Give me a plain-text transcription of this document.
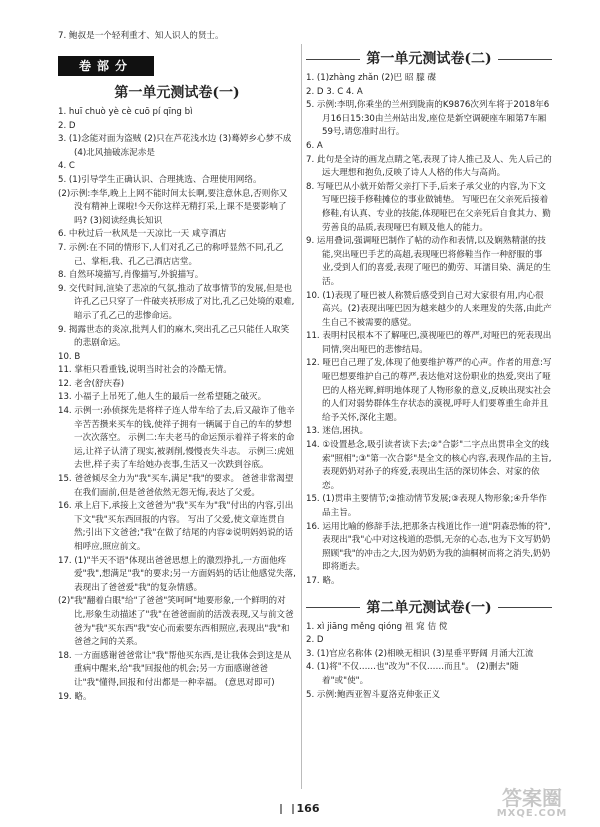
7. 鲍叔是一个轻利重才、知人识人的贤士。
卷部分
第一单元测试卷(一)
1. huī chuò yè cè cuō pí qīng bì
2. D
3. (1)念能对面为盗贼 (2)只在芦花浅水边 (3)蓦婷乡心梦不成 (4)北风抽破冻泥赤是
4. C
5. (1)引导学生正确认识、合理挑选、合理使用网络。
(2)示例:李华,晚上上网不能时间太长啊,要注意休息,否则你又没有精神上课啦!今天你这样无精打采,上课不是要影响了吗? (3)阅读经典长知识
6. 中秋过后一秋风是一天凉比一天 咸亨酒店
7. 示例:在不同的情形下,人们对孔乙己的称呼显然不同,孔乙己、掌柜,我、孔乙己酒店店堂。
8. 自然环境描写,肖像描写,外貌描写。
9. 交代时间,渲染了悲凉的气氛,推动了故事情节的发展,但是也许孔乙己只穿了一件破夹袄形成了对比,孔乙己处境的艰难,暗示了孔乙己的悲惨命运。
9. 揭露世态的炎凉,批判人们的麻木,突出孔乙己只能任人取笑的悲剧命运。
10. B
11. 掌柜只看重钱,说明当时社会的冷酷无情。
12. 老舍(舒庆春)
13. 小福子上吊死了,他人生的最后一丝希望随之破灭。
14. 示例一:孙侦探先是将样子连人带车给了去,后又敲诈了他辛辛苦苦攒来买车的钱,使祥子拥有一辆属于自己的车的梦想一次次落空。 示例二:车夫老马的命运预示着祥子将来的命运,让祥子认清了现实,被剥削,慢慢丧失斗志。 示例三:虎妞去世,样子卖了车给她办丧事,生活又一次跌到谷底。
15. 爸爸倾尽全力为"我"买车,满足"我"的要求。 爸爸非常渴望在我们面前,但是爸爸依然无怨无悔,表达了父爱。
16. 承上启下,承接上文爸爸为"我"买车为"我"付出的内容,引出下文"我"买东西回报的内容。 写出了父爱,使文章连贯自然;引出下文爸爸;"我"在做了结尾的内容②说明妈妈说的话相呼应,照应前文。
17. (1)"半天不语"体现出爸爸思想上的激烈挣扎,一方面他疼爱"我",想满足"我"的要求;另一方面妈妈的话让他感觉失落,表现出了爸爸爱"我"的复杂情感。
(2)"我"翻着白眼"给"了爸爸"笑呵呵"地要形象,一个鲜明的对比,形象生动描述了"我"在爸爸面前的活泼表现,又与前文爸爸为"我"买东西"我"安心而索要东西相照应,表现出"我"和爸爸之间的关系。
18. 一方面感谢爸爸常让"我"帮他买东西,是让我体会到这是从重病中醒来,给"我"回报他的机会;另一方面感谢爸爸让"我"懂得,回报和付出都是一种幸福。 (意思对即可)
19. 略。
第一单元测试卷(二)
1. (1)zhàng zhǎn (2)巴 昭 朦 碟
2. D 3. C 4. A
5. 示例:李明,你乘坐的兰州到陇南的K9876次列车将于2018年6月16日15:30由兰州站出发,座位是新空调硬座车厢第7车厢59号,请您准时出行。
6. A
7. 此句是全诗的画龙点睛之笔,表现了诗人推己及人、先人后己的远大理想和抱负,反映了诗人人格的伟大与高尚。
8. 写哑巴从小就开始帮父亲打下手,后来子承父业的内容,为下文写哑巴接手修鞋摊位的事业做铺垫。 写哑巴在父亲死后接着修鞋,有认真、专业的技能,体现哑巴在父亲死后自食其力、勤劳善良的品质,表现哑巴有顾及他人的能力。
9. 运用叠词,强调哑巴制作了帖的动作和表情,以及娴熟精湛的技能,突出哑巴手艺的高超,表现哑巴将修鞋当作一种舒服的事业,受到人们的喜爱,表现了哑巴的勤劳、耳濡目染、满足的生活。
10. (1)表现了哑巴被人称赞后感受到自己对大家很有用,内心很高兴。(2)表现出哑巴因为越来越少的人来理发的失落,由此产生自己不被需要的感觉。
11. 表明村民根本不了解哑巴,漠视哑巴的尊严,对哑巴的死表现出同情,突出哑巴的悲惨结局。
12. 哑巴自己理了发,体现了他要维护尊严的心声。作者的用意:写哑巴想要维护自己的尊严,表达他对这份职业的热爱,突出了哑巴的人格光辉,鲜明地体现了人物形象的意义,反映出现实社会的人们对弱势群体生存状态的漠视,呼吁人们要尊重生命并且给予关怀,深化主题。
13. 迷信,困执。
14. ①设置悬念,吸引读者读下去;②"合影"二字点出贯串全文的线索"照相";③"第一次合影"是全文的核心内容,表现作品的主旨,表现奶奶对孙子的疼爱,表现出生活的深切体会、对家的依恋。
15. (1)贯串主要情节;②推动情节发展;③表现人物形象;④升华作品主旨。
16. 运用比喻的修辞手法,把那条古栈道比作一道"阴森恐怖的符",表现出"我"心中对这栈道的恐惧,无奈的心态,也为下文写奶奶照顾"我"的冲击之大,因为奶奶为我的油桐树而将之消失,奶奶即将逝去。
17. 略。
第二单元测试卷(一)
1. xì jiāng měng qióng 祖 窕 佶 傥
2. D
3. (1)官应名称体 (2)相映无相识 (3)星垂平野阔 月涌大江流
4. (1)将"不仅……也"改为"不仅……而且"。 (2)删去"随着"或"使"。
5. 示例:鲍西亚智斗夏洛克伸张正义
166	答案圈
MXQE.COM
